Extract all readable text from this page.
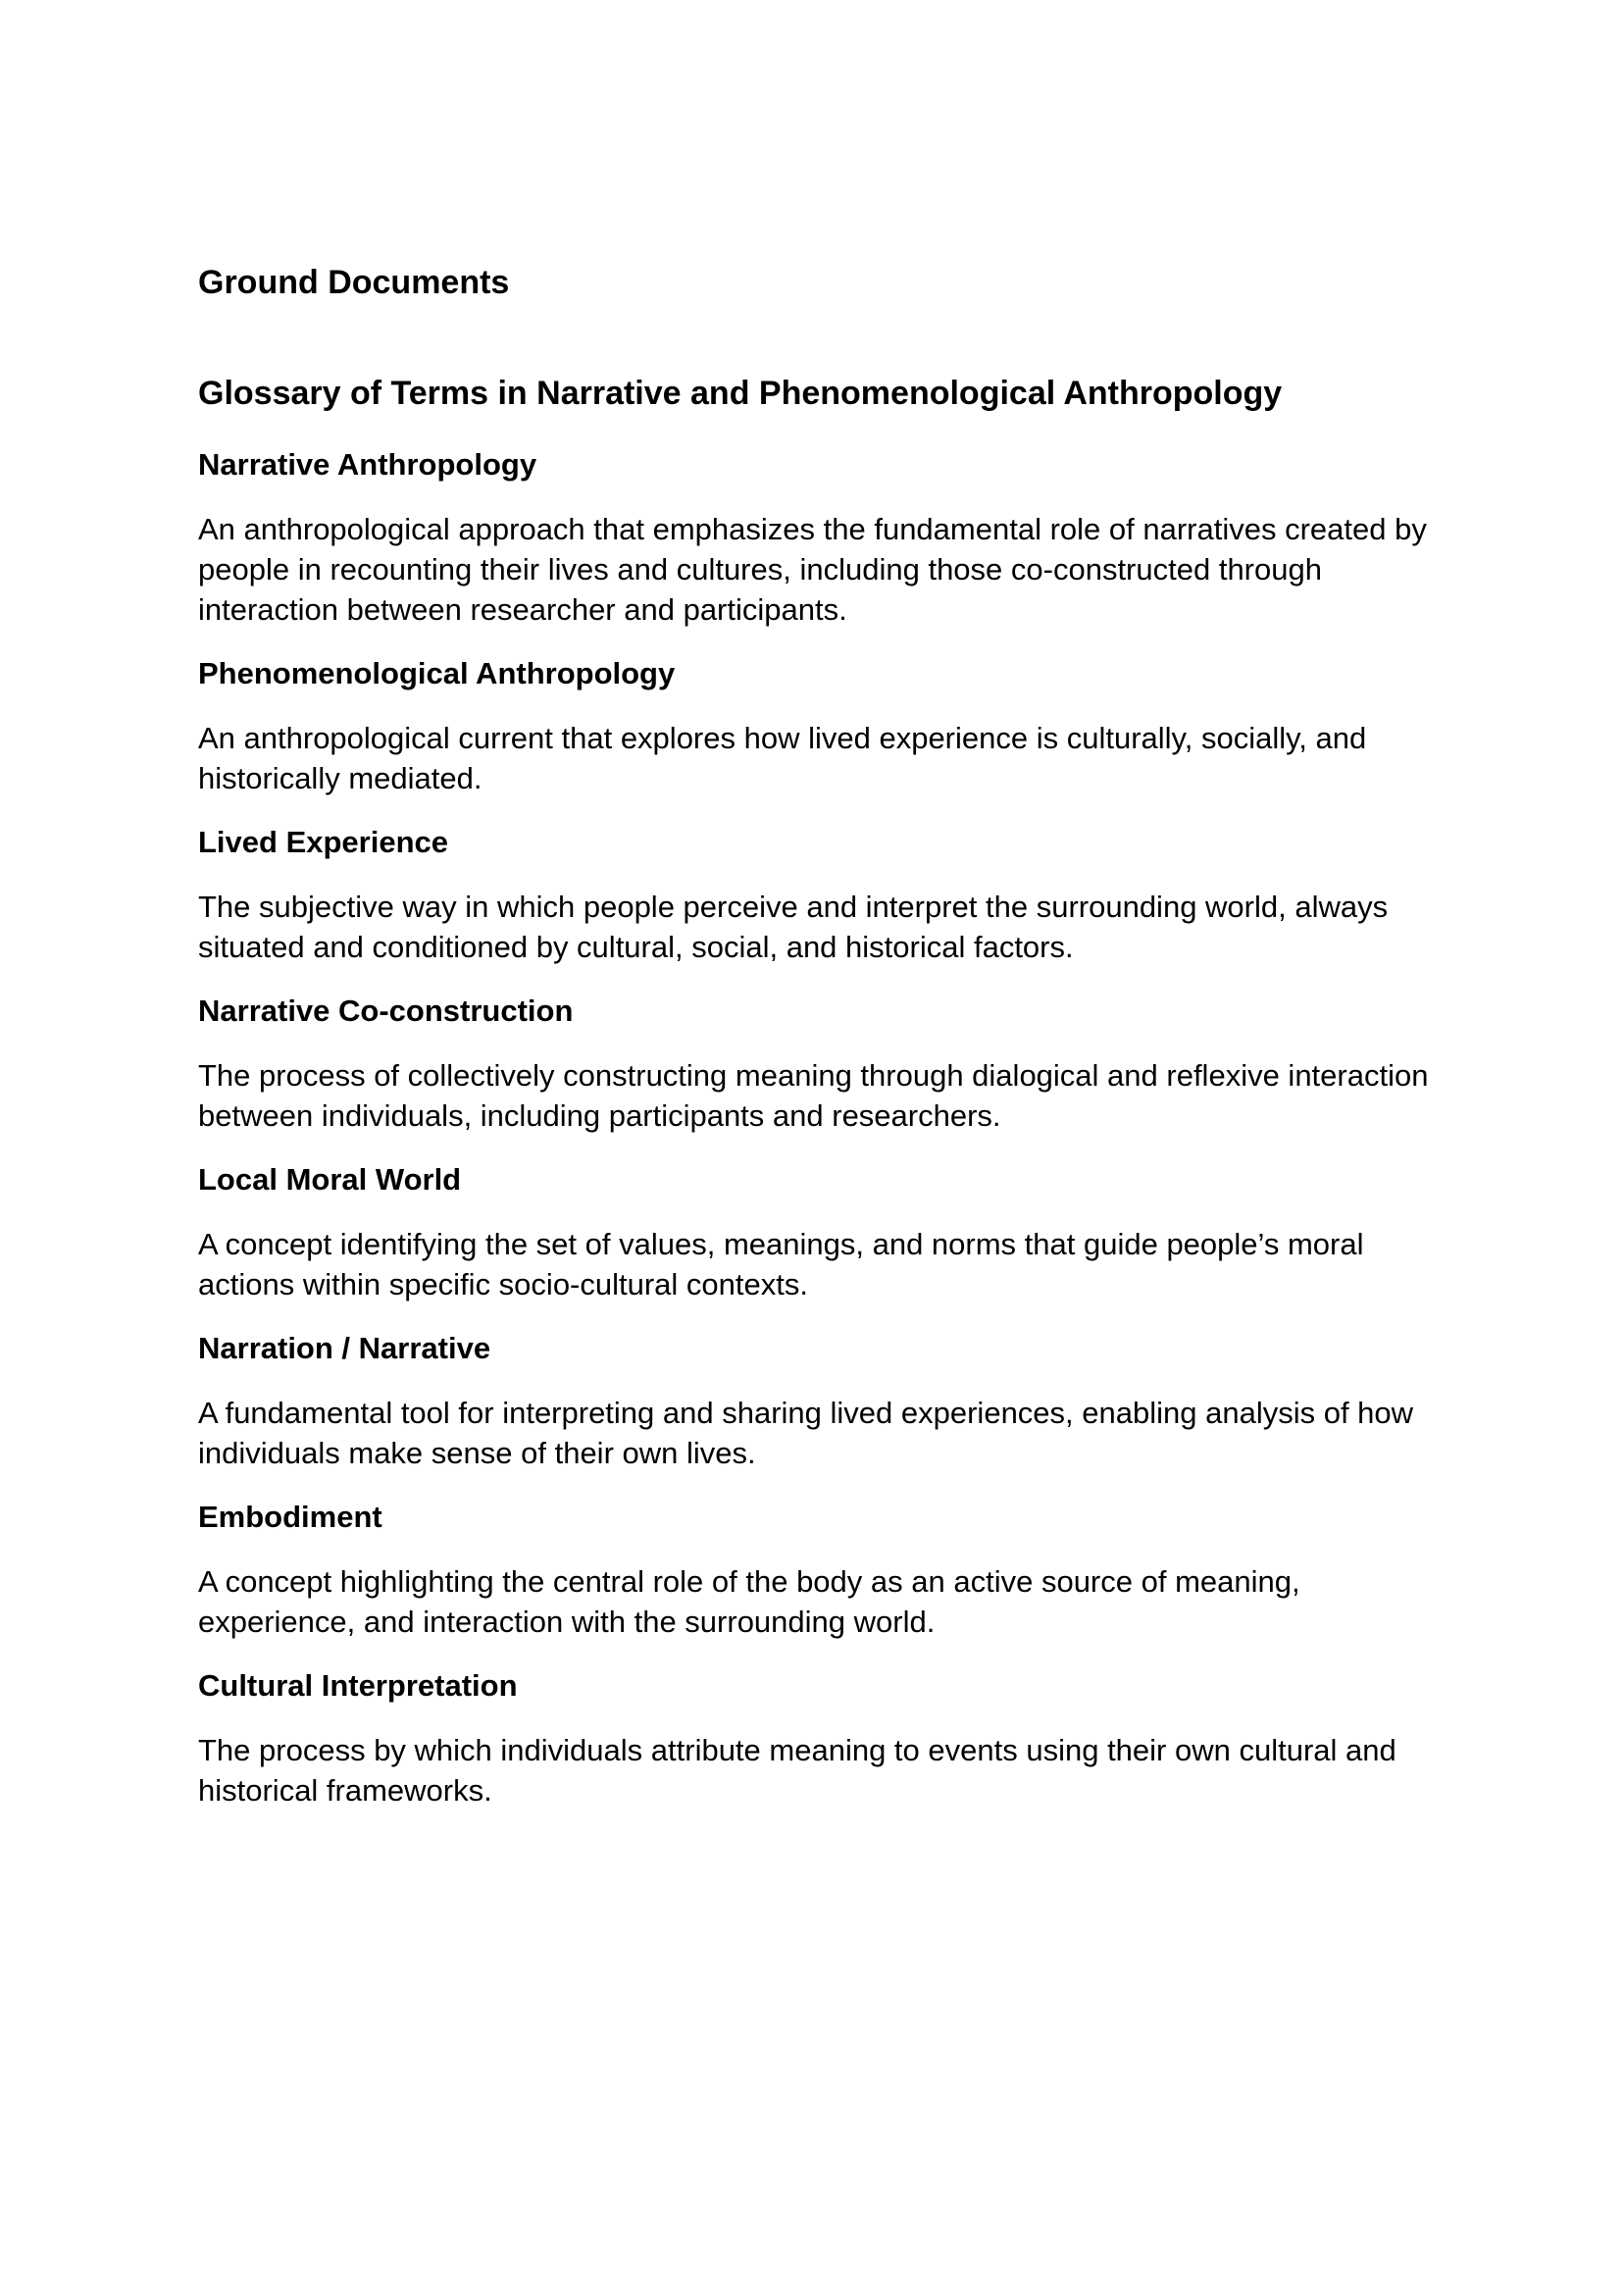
Ground Documents
Glossary of Terms in Narrative and Phenomenological Anthropology
Narrative Anthropology

An anthropological approach that emphasizes the fundamental role of narratives created by people in recounting their lives and cultures, including those co-constructed through interaction between researcher and participants.

Phenomenological Anthropology

An anthropological current that explores how lived experience is culturally, socially, and historically mediated.

Lived Experience

The subjective way in which people perceive and interpret the surrounding world, always situated and conditioned by cultural, social, and historical factors.

Narrative Co-construction

The process of collectively constructing meaning through dialogical and reflexive interaction between individuals, including participants and researchers.

Local Moral World

A concept identifying the set of values, meanings, and norms that guide people’s moral actions within specific socio-cultural contexts.

Narration / Narrative

A fundamental tool for interpreting and sharing lived experiences, enabling analysis of how individuals make sense of their own lives.

Embodiment

A concept highlighting the central role of the body as an active source of meaning, experience, and interaction with the surrounding world.

Cultural Interpretation

The process by which individuals attribute meaning to events using their own cultural and historical frameworks.
